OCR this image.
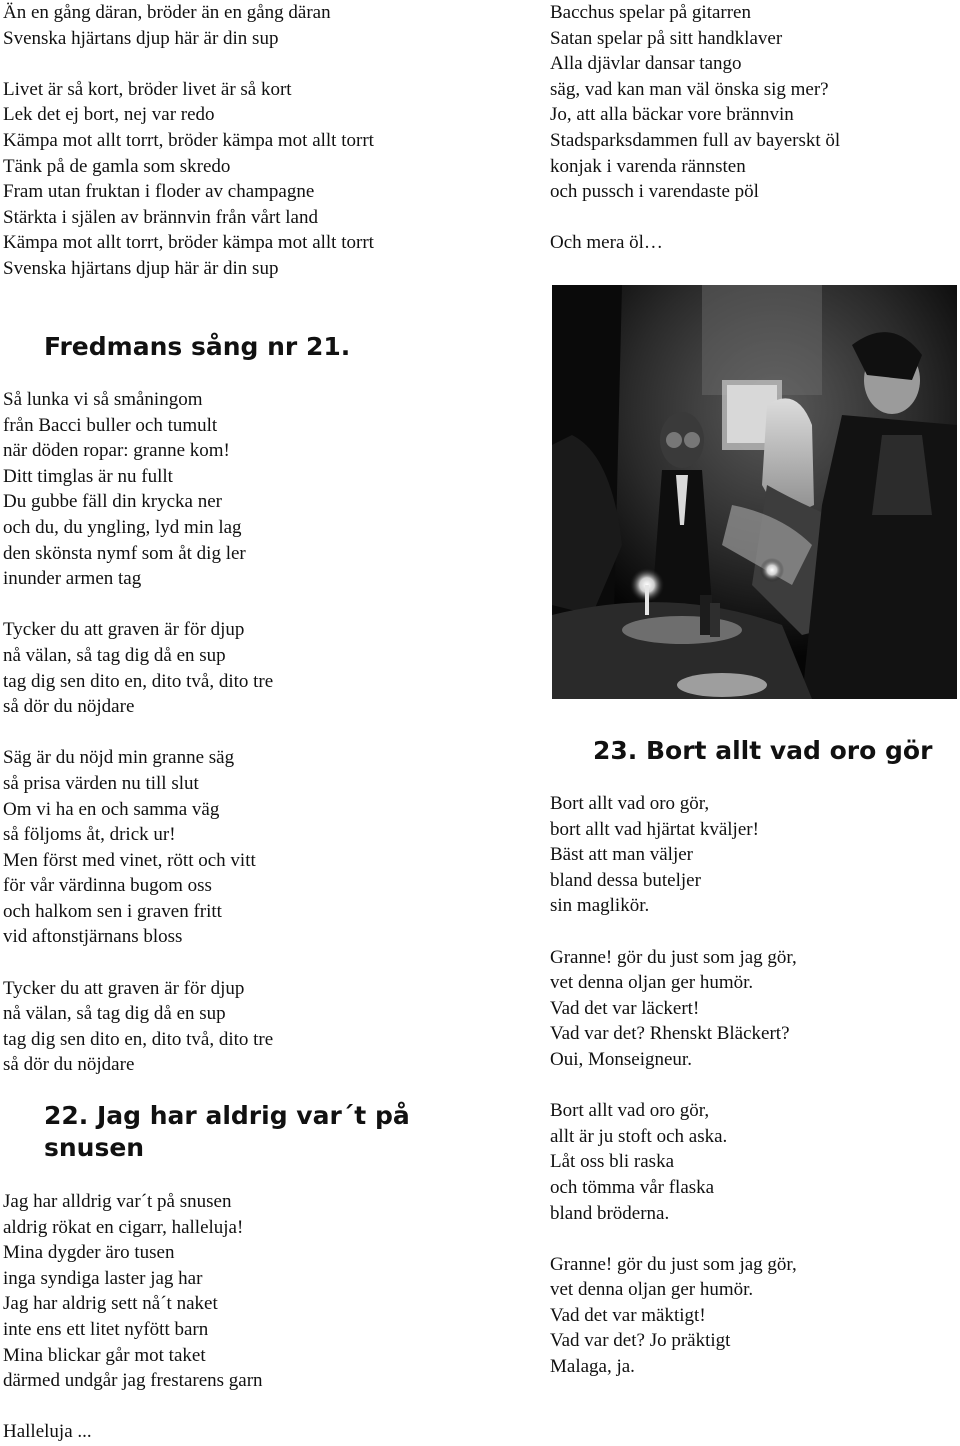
Än en gång däran, bröder än en gång däran
Svenska hjärtans djup här är din sup
Livet är så kort, bröder livet är så kort
Lek det ej bort, nej var redo
Kämpa mot allt torrt, bröder kämpa mot allt torrt
Tänk på de gamla som skredo
Fram utan fruktan i floder av champagne
Stärkta i själen av brännvin från vårt land
Kämpa mot allt torrt, bröder kämpa mot allt torrt
Svenska hjärtans djup här är din sup
Fredmans sång nr 21.
Så lunka vi så småningom
från Bacci buller och tumult
när döden ropar: granne kom!
Ditt timglas är nu fullt
Du gubbe fäll din krycka ner
och du, du yngling, lyd min lag
den skönsta nymf som åt dig ler
inunder armen tag
Tycker du att graven är för djup
nå välan, så tag dig då en sup
tag dig sen dito en, dito två, dito tre
så dör du nöjdare
Säg är du nöjd min granne säg
så prisa värden nu till slut
Om vi ha en och samma väg
så följoms åt, drick ur!
Men först med vinet, rött och vitt
för vår värdinna bugom oss
och halkom sen i graven fritt
vid aftonstjärnans bloss
Tycker du att graven är för djup
nå välan, så tag dig då en sup
tag dig sen dito en, dito två, dito tre
så dör du nöjdare
22. Jag har aldrig var´t på
snusen
Jag har alldrig var´t på snusen
aldrig rökat en cigarr, halleluja!
Mina dygder äro tusen
inga syndiga laster jag har
Jag har aldrig sett nå´t naket
inte ens ett litet nyfött barn
Mina blickar går mot taket
därmed undgår jag frestarens garn
Halleluja ...
Bacchus spelar på gitarren
Satan spelar på sitt handklaver
Alla djävlar dansar tango
säg, vad kan man väl önska sig mer?
Jo, att alla bäckar vore brännvin
Stadsparksdammen full av bayerskt öl
konjak i varenda rännsten
och pussch i varendaste pöl
Och mera öl…
23. Bort allt vad oro gör
Bort allt vad oro gör,
bort allt vad hjärtat kväljer!
Bäst att man väljer
bland dessa buteljer
sin maglikör.
Granne! gör du just som jag gör,
vet denna oljan ger humör.
Vad det var läckert!
Vad var det? Rhenskt Bläckert?
Oui, Monseigneur.
Bort allt vad oro gör,
allt är ju stoft och aska.
Låt oss bli raska
och tömma vår flaska
bland bröderna.
Granne! gör du just som jag gör,
vet denna oljan ger humör.
Vad det var mäktigt!
Vad var det? Jo präktigt
Malaga, ja.
